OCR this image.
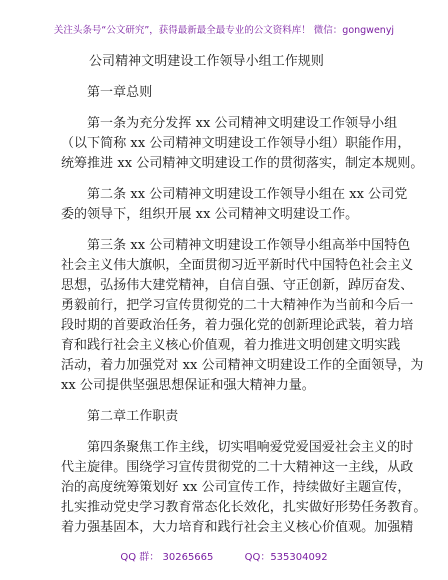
关注头条号“公文研究”，获得最新最全最专业的公文资料库！ 微信：gongwenyj
公司精神文明建设工作领导小组工作规则
第一章总则
第一条为充分发挥 xx 公司精神文明建设工作领导小组
（以下简称 xx 公司精神文明建设工作领导小组）职能作用，
统筹推进 xx 公司精神文明建设工作的贯彻落实，制定本规则。
第二条 xx 公司精神文明建设工作领导小组在 xx 公司党
委的领导下，组织开展 xx 公司精神文明建设工作。
第三条 xx 公司精神文明建设工作领导小组高举中国特色
社会主义伟大旗帜，全面贯彻习近平新时代中国特色社会主义
思想，弘扬伟大建党精神，自信自强、守正创新，踔厉奋发、
勇毅前行，把学习宣传贯彻党的二十大精神作为当前和今后一
段时期的首要政治任务，着力强化党的创新理论武装，着力培
育和践行社会主义核心价值观，着力推进文明创建文明实践
活动，着力加强党对 xx 公司精神文明建设工作的全面领导，为
xx 公司提供坚强思想保证和强大精神力量。
第二章工作职责
第四条聚焦工作主线，切实唱响爱党爱国爱社会主义的时
代主旋律。围绕学习宣传贯彻党的二十大精神这一主线，从政
治的高度统筹策划好 xx 公司宣传工作，持续做好主题宣传，
扎实推动党史学习教育常态化长效化，扎实做好形势任务教育。
着力强基固本，大力培育和践行社会主义核心价值观。加强精
QQ 群： 30265665	QQ：535304092
